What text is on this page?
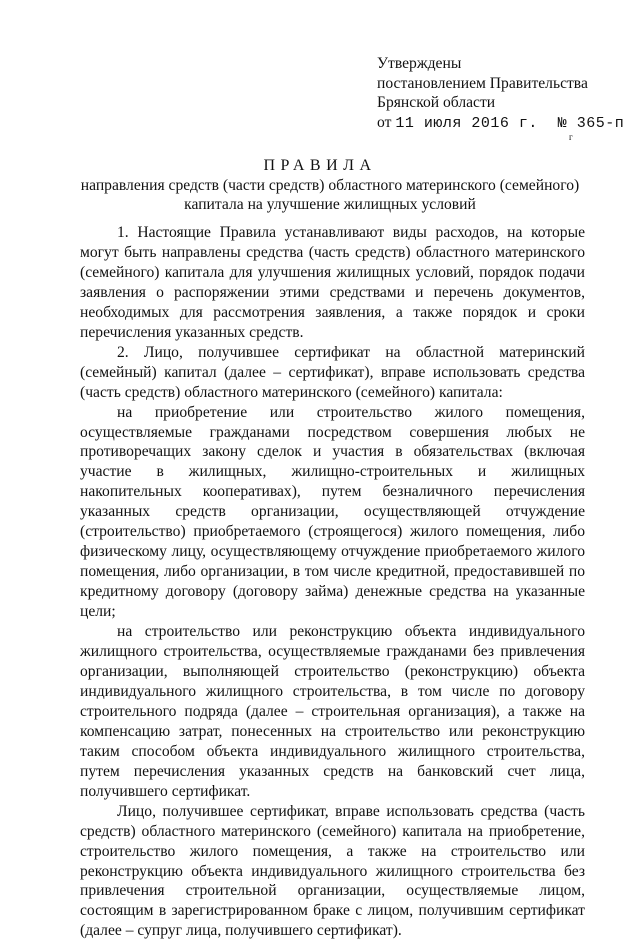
Утверждены
постановлением Правительства
Брянской области
от 11 июля 2016 г. № 365-п
г
ПРАВИЛА
направления средств (части средств) областного материнского (семейного) капитала на улучшение жилищных условий

1. Настоящие Правила устанавливают виды расходов, на которые могут быть направлены средства (часть средств) областного материнского (семейного) капитала для улучшения жилищных условий, порядок подачи заявления о распоряжении этими средствами и перечень документов, необходимых для рассмотрения заявления, а также порядок и сроки перечисления указанных средств.

2. Лицо, получившее сертификат на областной материнский (семейный) капитал (далее – сертификат), вправе использовать средства (часть средств) областного материнского (семейного) капитала:

на приобретение или строительство жилого помещения, осуществляемые гражданами посредством совершения любых не противоречащих закону сделок и участия в обязательствах (включая участие в жилищных, жилищно-строительных и жилищных накопительных кооперативах), путем безналичного перечисления указанных средств организации, осуществляющей отчуждение (строительство) приобретаемого (строящегося) жилого помещения, либо физическому лицу, осуществляющему отчуждение приобретаемого жилого помещения, либо организации, в том числе кредитной, предоставившей по кредитному договору (договору займа) денежные средства на указанные цели;

на строительство или реконструкцию объекта индивидуального жилищного строительства, осуществляемые гражданами без привлечения организации, выполняющей строительство (реконструкцию) объекта индивидуального жилищного строительства, в том числе по договору строительного подряда (далее – строительная организация), а также на компенсацию затрат, понесенных на строительство или реконструкцию таким способом объекта индивидуального жилищного строительства, путем перечисления указанных средств на банковский счет лица, получившего сертификат.

Лицо, получившее сертификат, вправе использовать средства (часть средств) областного материнского (семейного) капитала на приобретение, строительство жилого помещения, а также на строительство или реконструкцию объекта индивидуального жилищного строительства без привлечения строительной организации, осуществляемые лицом, состоящим в зарегистрированном браке с лицом, получившим сертификат (далее – супруг лица, получившего сертификат).
